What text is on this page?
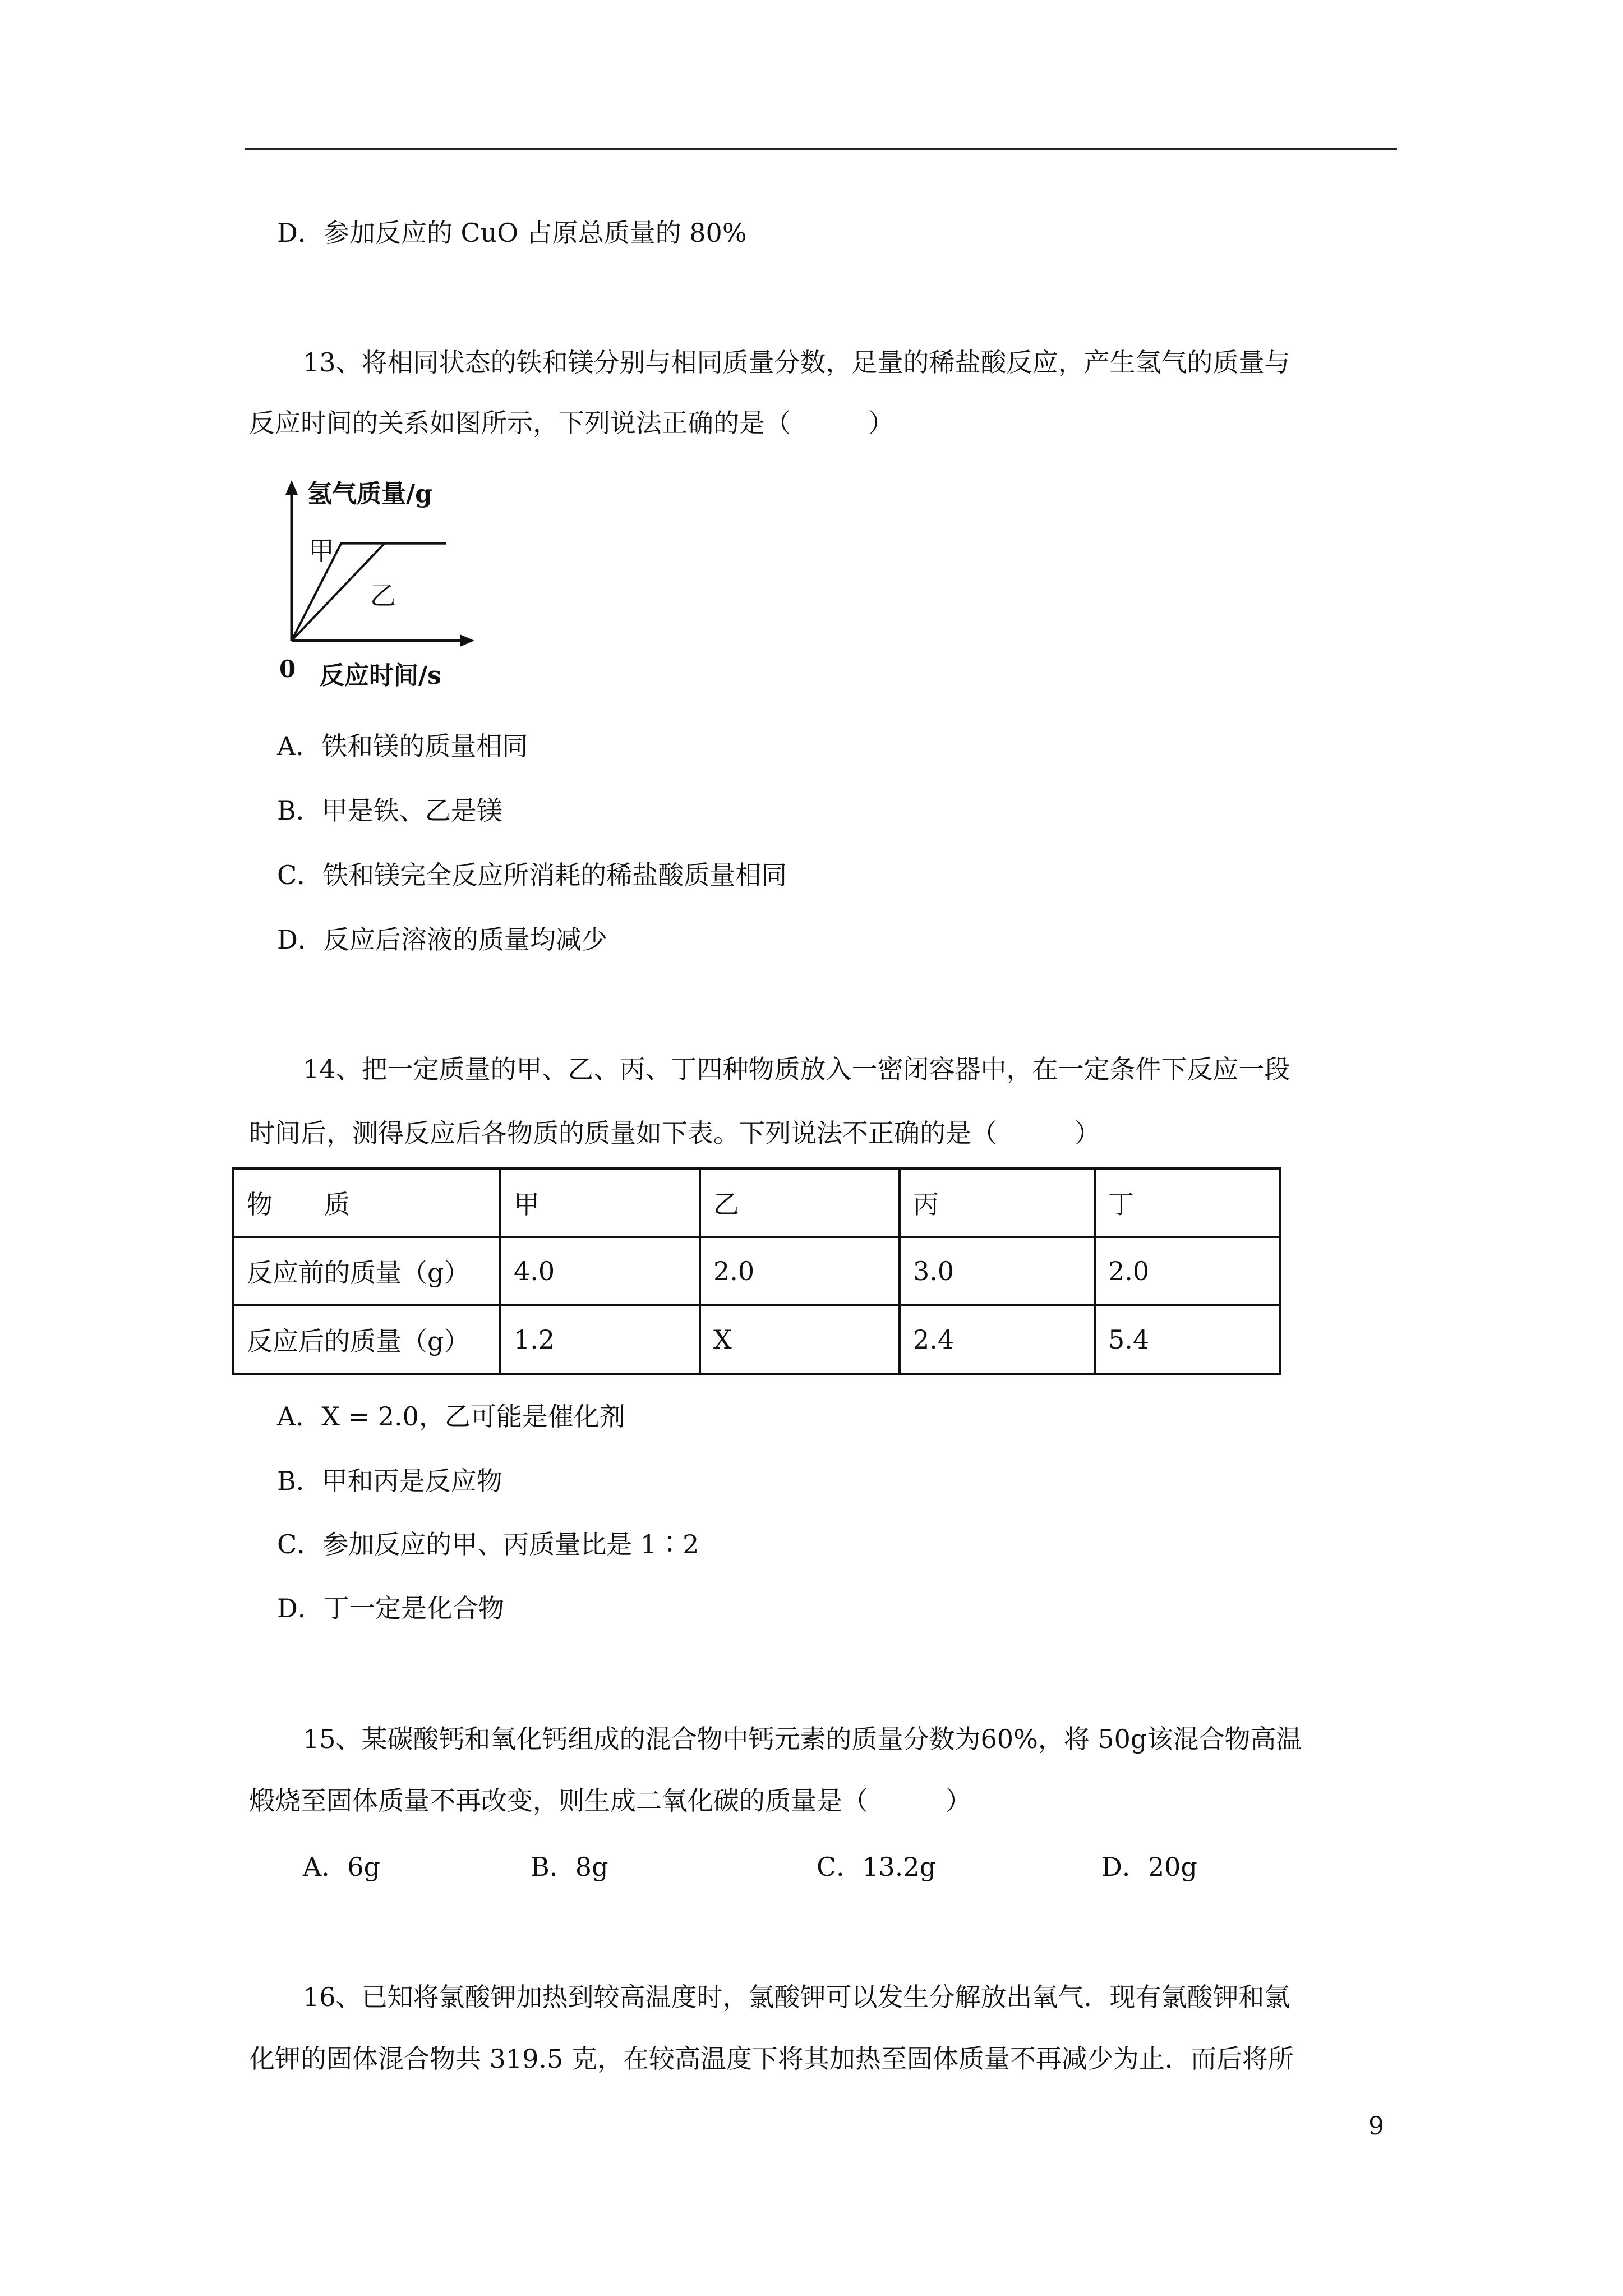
D．参加反应的 CuO 占原总质量的 80%
13、将相同状态的铁和镁分别与相同质量分数，足量的稀盐酸反应，产生氢气的质量与
反应时间的关系如图所示，下列说法正确的是（　　　）
氢气质量/g
反应时间/s
0
甲
乙
A．铁和镁的质量相同
B．甲是铁、乙是镁
C．铁和镁完全反应所消耗的稀盐酸质量相同
D．反应后溶液的质量均减少
14、把一定质量的甲、乙、丙、丁四种物质放入一密闭容器中，在一定条件下反应一段
时间后，测得反应后各物质的质量如下表。下列说法不正确的是（　　　）
物　　质	甲	乙	丙	丁
反应前的质量（g）	4.0	2.0	3.0	2.0
反应后的质量（g）	1.2	X	2.4	5.4
A．X = 2.0，乙可能是催化剂
B．甲和丙是反应物
C．参加反应的甲、丙质量比是 1∶2
D．丁一定是化合物
15、某碳酸钙和氧化钙组成的混合物中钙元素的质量分数为60%，将 50g该混合物高温
煅烧至固体质量不再改变，则生成二氧化碳的质量是（　　　）
A．6g	B．8g	C．13.2g	D．20g
16、已知将氯酸钾加热到较高温度时，氯酸钾可以发生分解放出氧气．现有氯酸钾和氯
化钾的固体混合物共 319.5 克，在较高温度下将其加热至固体质量不再减少为止．而后将所
9
